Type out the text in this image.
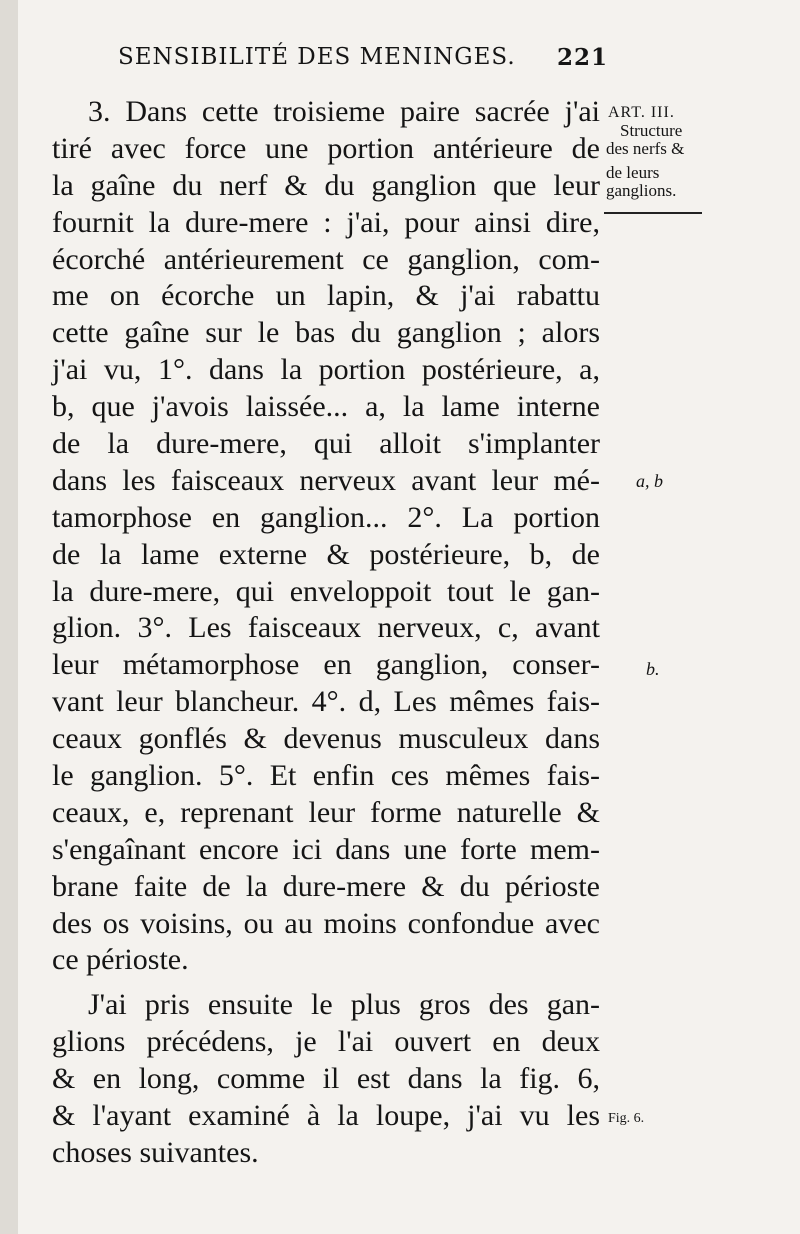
SENSIBILITÉ DES MENINGES. 221
3. Dans cette troisieme paire sacrée j'ai
tiré avec force une portion antérieure de
la gaîne du nerf & du ganglion que leur
fournit la dure-mere : j'ai, pour ainsi dire,
écorché antérieurement ce ganglion, com-
me on écorche un lapin, & j'ai rabattu
cette gaîne sur le bas du ganglion ; alors
j'ai vu, 1°. dans la portion postérieure, a,
b, que j'avois laissée... a, la lame interne
de la dure-mere, qui alloit s'implanter
dans les faisceaux nerveux avant leur mé-
tamorphose en ganglion... 2°. La portion
de la lame externe & postérieure, b, de
la dure-mere, qui enveloppoit tout le gan-
glion. 3°. Les faisceaux nerveux, c, avant
leur métamorphose en ganglion, conser-
vant leur blancheur. 4°. d, Les mêmes fais-
ceaux gonflés & devenus musculeux dans
le ganglion. 5°. Et enfin ces mêmes fais-
ceaux, e, reprenant leur forme naturelle &
s'engaînant encore ici dans une forte mem-
brane faite de la dure-mere & du périoste
des os voisins, ou au moins confondue avec
ce périoste.
J'ai pris ensuite le plus gros des gan-
glions précédens, je l'ai ouvert en deux
& en long, comme il est dans la fig. 6,
& l'ayant examiné à la loupe, j'ai vu les
choses suivantes.
ART. III.
Structure
des nerfs &
de leurs
ganglions.
a, b
b.
Fig. 6.
